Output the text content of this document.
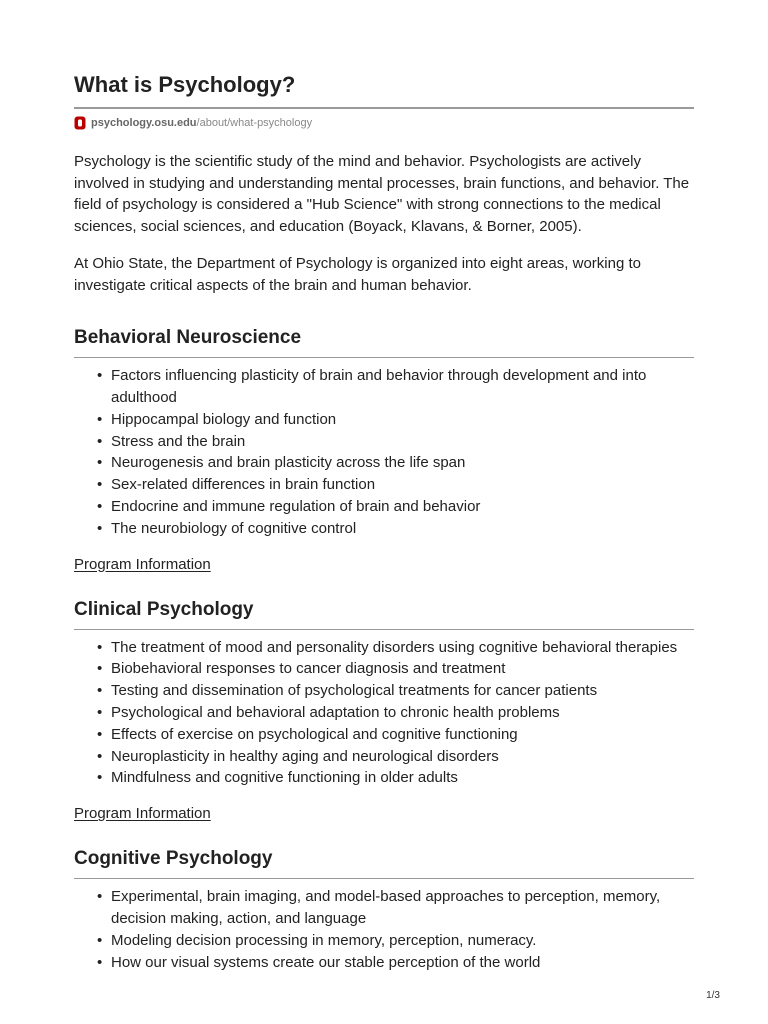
What is Psychology?
psychology.osu.edu /about/what-psychology

Psychology is the scientific study of the mind and behavior. Psychologists are actively involved in studying and understanding mental processes, brain functions, and behavior. The field of psychology is considered a "Hub Science" with strong connections to the medical sciences, social sciences, and education (Boyack, Klavans, & Borner, 2005).

At Ohio State, the Department of Psychology is organized into eight areas, working to investigate critical aspects of the brain and human behavior.

Behavioral Neuroscience
• Factors influencing plasticity of brain and behavior through development and into adulthood
• Hippocampal biology and function
• Stress and the brain
• Neurogenesis and brain plasticity across the life span
• Sex-related differences in brain function
• Endocrine and immune regulation of brain and behavior
• The neurobiology of cognitive control
Program Information
Clinical Psychology
• The treatment of mood and personality disorders using cognitive behavioral therapies
• Biobehavioral responses to cancer diagnosis and treatment
• Testing and dissemination of psychological treatments for cancer patients
• Psychological and behavioral adaptation to chronic health problems
• Effects of exercise on psychological and cognitive functioning
• Neuroplasticity in healthy aging and neurological disorders
• Mindfulness and cognitive functioning in older adults
Program Information
Cognitive Psychology
• Experimental, brain imaging, and model-based approaches to perception, memory, decision making, action, and language
• Modeling decision processing in memory, perception, numeracy.
• How our visual systems create our stable perception of the world
1/3
